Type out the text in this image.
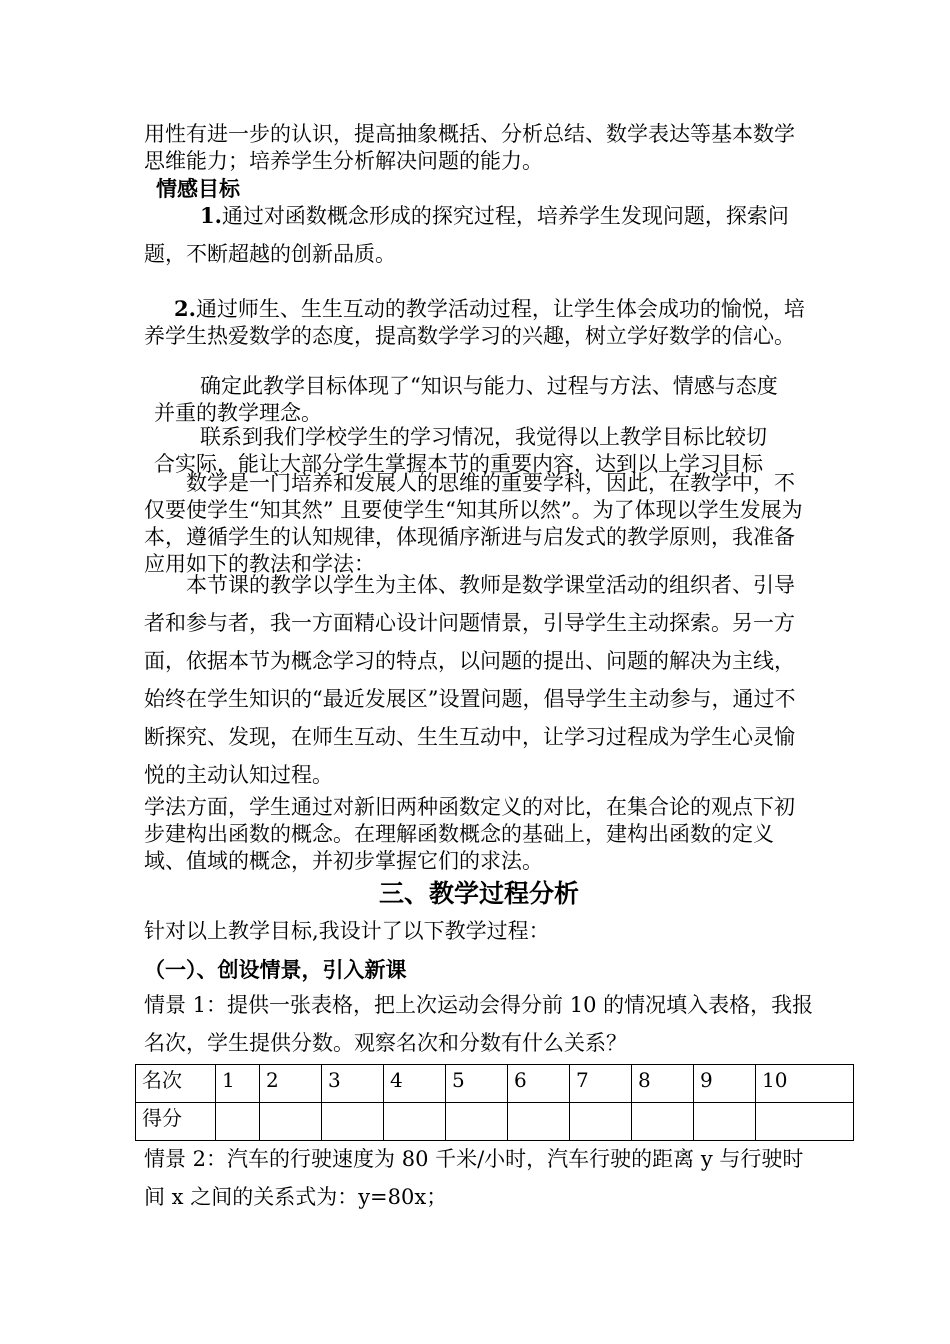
用性有进一步的认识，提高抽象概括、分析总结、数学表达等基本数学思维能力；培养学生分析解决问题的能力。

情感目标

1.通过对函数概念形成的探究过程，培养学生发现问题，探索问题，不断超越的创新品质。

2.通过师生、生生互动的教学活动过程，让学生体会成功的愉悦，培养学生热爱数学的态度，提高数学学习的兴趣，树立学好数学的信心。

确定此教学目标体现了“知识与能力、过程与方法、情感与态度
并重的教学理念。
联系到我们学校学生的学习情况，我觉得以上教学目标比较切
合实际，能让大部分学生掌握本节的重要内容，达到以上学习目标

数学是一门培养和发展人的思维的重要学科，因此，在教学中，不仅要使学生“知其然” 且要使学生“知其所以然”。为了体现以学生发展为本，遵循学生的认知规律，体现循序渐进与启发式的教学原则，我准备应用如下的教法和学法：

本节课的教学以学生为主体、教师是数学课堂活动的组织者、引导者和参与者，我一方面精心设计问题情景，引导学生主动探索。另一方面，依据本节为概念学习的特点，以问题的提出、问题的解决为主线，始终在学生知识的“最近发展区”设置问题，倡导学生主动参与，通过不断探究、发现，在师生互动、生生互动中，让学习过程成为学生心灵愉悦的主动认知过程。

学法方面，学生通过对新旧两种函数定义的对比，在集合论的观点下初步建构出函数的概念。在理解函数概念的基础上，建构出函数的定义域、值域的概念，并初步掌握它们的求法。

三、教学过程分析

针对以上教学目标,我设计了以下教学过程：

（一）、创设情景，引入新课

情景 1：提供一张表格，把上次运动会得分前 10 的情况填入表格，我报名次，学生提供分数。观察名次和分数有什么关系？

名次	1	2	3	4	5	6	7	8	9	10
得分										

情景 2：汽车的行驶速度为 80 千米/小时，汽车行驶的距离 y 与行驶时间 x 之间的关系式为：y=80x；
